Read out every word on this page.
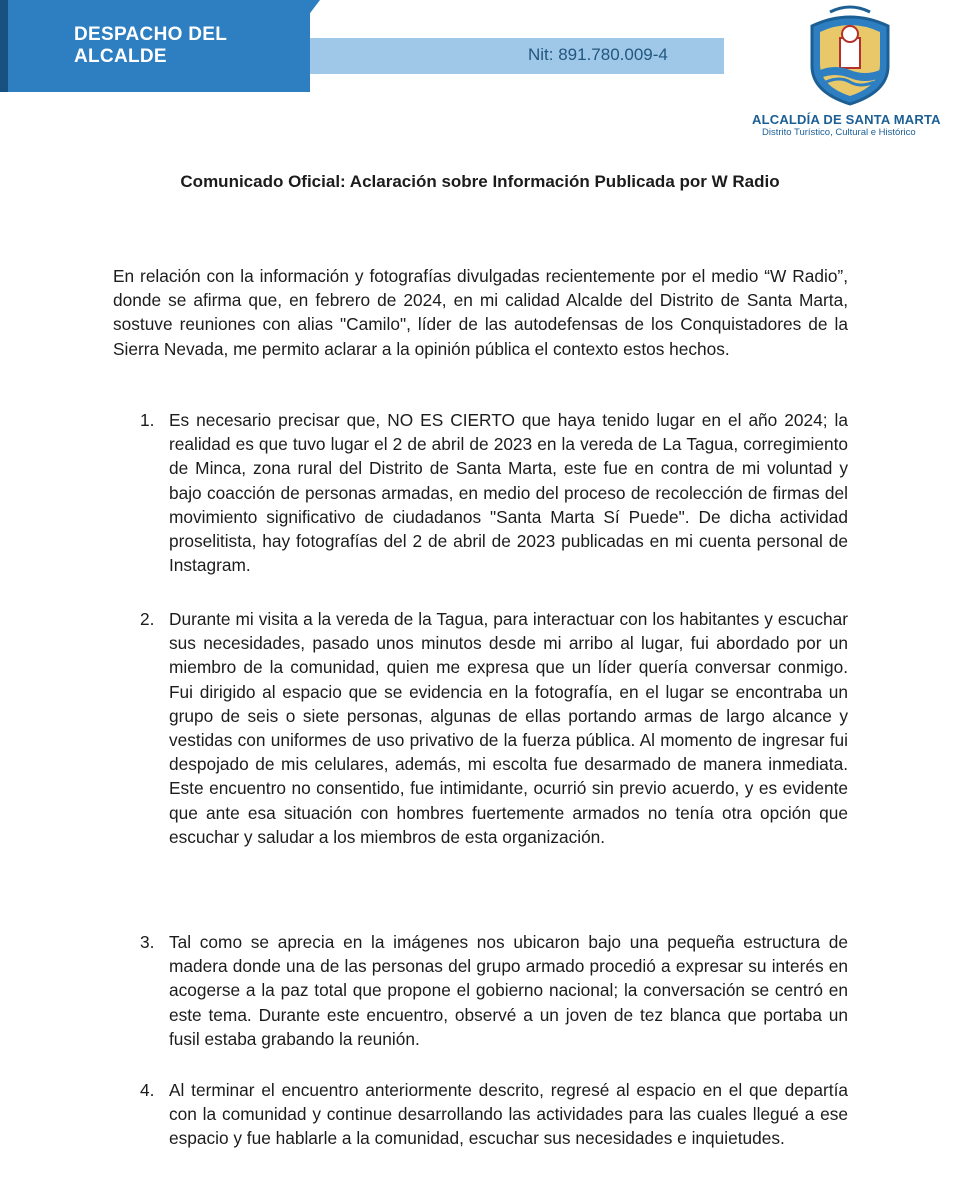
DESPACHO DEL ALCALDE	Nit: 891.780.009-4
ALCALDÍA DE SANTA MARTA
Distrito Turístico, Cultural e Histórico
Comunicado Oficial: Aclaración sobre Información Publicada por W Radio
En relación con la información y fotografías divulgadas recientemente por el medio “W Radio”, donde se afirma que, en febrero de 2024, en mi calidad Alcalde del Distrito de Santa Marta, sostuve reuniones con alias "Camilo", líder de las autodefensas de los Conquistadores de la Sierra Nevada, me permito aclarar a la opinión pública el contexto estos hechos.
1. Es necesario precisar que, NO ES CIERTO que haya tenido lugar en el año 2024; la realidad es que tuvo lugar el 2 de abril de 2023 en la vereda de La Tagua, corregimiento de Minca, zona rural del Distrito de Santa Marta, este fue en contra de mi voluntad y bajo coacción de personas armadas, en medio del proceso de recolección de firmas del movimiento significativo de ciudadanos "Santa Marta Sí Puede". De dicha actividad proselitista, hay fotografías del 2 de abril de 2023 publicadas en mi cuenta personal de Instagram.
2. Durante mi visita a la vereda de la Tagua, para interactuar con los habitantes y escuchar sus necesidades, pasado unos minutos desde mi arribo al lugar, fui abordado por un miembro de la comunidad, quien me expresa que un líder quería conversar conmigo. Fui dirigido al espacio que se evidencia en la fotografía, en el lugar se encontraba un grupo de seis o siete personas, algunas de ellas portando armas de largo alcance y vestidas con uniformes de uso privativo de la fuerza pública. Al momento de ingresar fui despojado de mis celulares, además, mi escolta fue desarmado de manera inmediata. Este encuentro no consentido, fue intimidante, ocurrió sin previo acuerdo, y es evidente que ante esa situación con hombres fuertemente armados no tenía otra opción que escuchar y saludar a los miembros de esta organización.
3. Tal como se aprecia en la imágenes nos ubicaron bajo una pequeña estructura de madera donde una de las personas del grupo armado procedió a expresar su interés en acogerse a la paz total que propone el gobierno nacional; la conversación se centró en este tema. Durante este encuentro, observé a un joven de tez blanca que portaba un fusil estaba grabando la reunión.
4. Al terminar el encuentro anteriormente descrito, regresé al espacio en el que departía con la comunidad y continue desarrollando las actividades para las cuales llegué a ese espacio y fue hablarle a la comunidad, escuchar sus necesidades e inquietudes.
